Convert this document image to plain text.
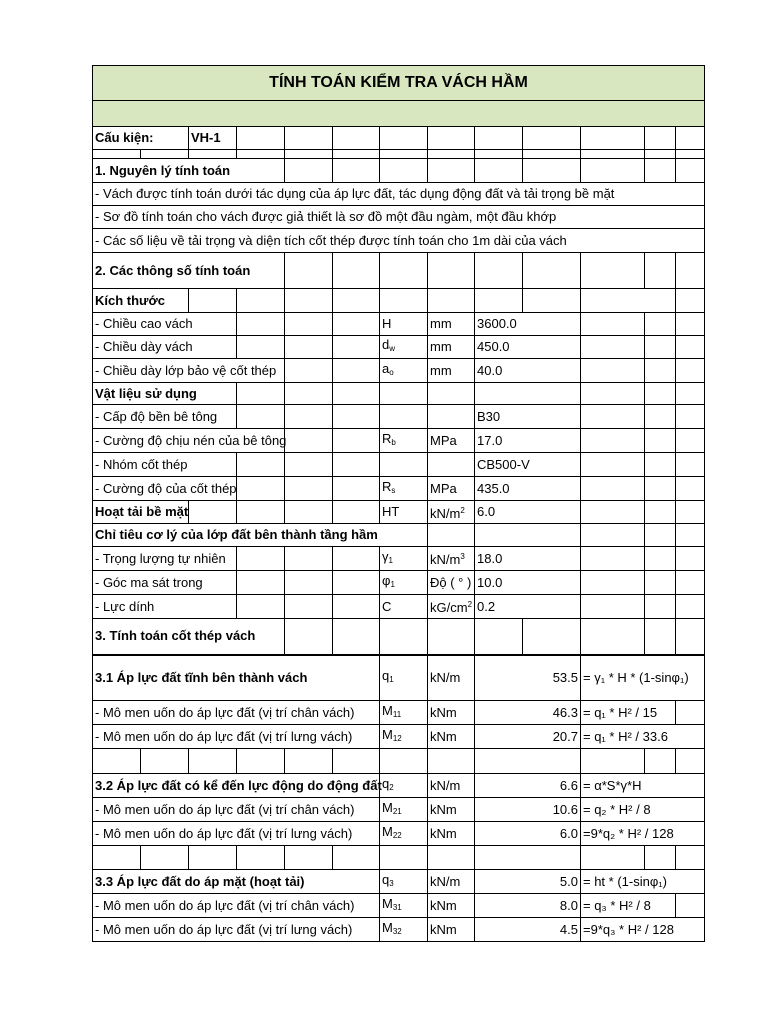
TÍNH TOÁN KIỂM TRA VÁCH HẦM												

Cấu kiện:		VH-1										

1. Nguyên lý tính toán												
- Vách được tính toán dưới tác dụng của áp lực đất, tác dụng động đất và tải trọng bề mặt												
- Sơ đồ tính toán cho vách được giả thiết là sơ đồ một đầu ngàm, một đầu khớp												
- Các số liệu về tải trọng và diện tích cốt thép được tính toán cho 1m dài của vách												
2. Các thông số tính toán												
Kích thước												
- Chiều cao vách						H	mm	3600.0				
- Chiều dày vách						$d_w$	mm	450.0				
- Chiều dày lớp bảo vệ cốt thép						$a_o$	mm	40.0				
Vật liệu sử dụng												
- Cấp độ bền bê tông								B30				
- Cường độ chịu nén của bê tông						$R_b$	MPa	17.0				
- Nhóm cốt thép								CB500-V				
- Cường độ của cốt thép						$R_s$	MPa	435.0				
Hoạt tải bề mặt						HT	$kN/m^2$	6.0				
Chỉ tiêu cơ lý của lớp đất bên thành tầng hầm												
- Trọng lượng tự nhiên						$\gamma_1$	$kN/m^3$	18.0				
- Góc ma sát trong						$\varphi_1$	Độ ( ° )	10.0				
- Lực dính						C	$kG/cm^2$	0.2				
3. Tính toán cốt thép vách												
3.1 Áp lực đất tĩnh bên thành vách						$q_1$	kN/m	53.5		= γ₁ * H * (1-sinφ₁)		
- Mô men uốn do áp lực đất (vị trí chân vách)						$M_{11}$	kNm	46.3		= q₁ * H² / 15		
- Mô men uốn do áp lực đất (vị trí lưng vách)						$M_{12}$	kNm	20.7		= q₁ * H² / 33.6		

3.2 Áp lực đất có kể đến lực động do động đất						$q_2$	kN/m	6.6		= α*S*γ*H		
- Mô men uốn do áp lực đất (vị trí chân vách)						$M_{21}$	kNm	10.6		= q₂ * H² / 8		
- Mô men uốn do áp lực đất (vị trí lưng vách)						$M_{22}$	kNm	6.0		=9*q₂ * H² / 128		

3.3 Áp lực đất do áp mặt (hoạt tải)						$q_3$	kN/m	5.0		= ht * (1-sinφ₁)		
- Mô men uốn do áp lực đất (vị trí chân vách)						$M_{31}$	kNm	8.0		= q₃ * H² / 8		
- Mô men uốn do áp lực đất (vị trí lưng vách)						$M_{32}$	kNm	4.5		=9*q₃ * H² / 128		
